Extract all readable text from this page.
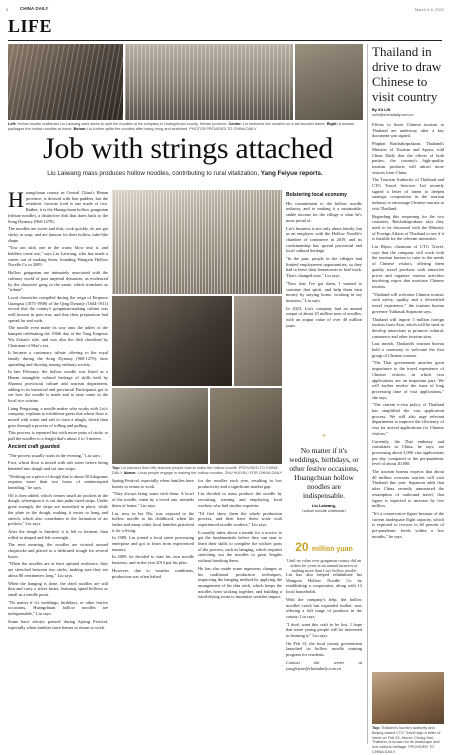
8	CHINA DAILY	March 4-5, 2023
LIFE
Left: Hollow noodle craftsman Liu Laiwang uses sticks to split the noodles at his company in Huangchuan county, Henan province. Center: Liu stretches the noodles on a tall wooden frame. Right: A woman packages the hollow noodles at home. Below: Liu further splits the noodles after being hung and stretched. PHOTOS PROVIDED TO CHINA DAILY
Job with strings attached
Liu Laiwang mass produces hollow noodles, contributing to rural vitalization, Yang Feiyue reports.
H uangchuan county in Central China's Henan province, is dressed with fine paddies, but the residents' favorite food is one made of rice. Rather, it is the Huangchuan hollow gongmian (tribute noodle), a distinctive dish that dates back to the Song Dynasty (960-1279).

The noodles are sweet and thin, cook quickly, do not get sticky in soup, and are famous for their hollow, tube-like shape.

"You can stick one in the water, blow into it, and bubbles come out," says Liu Laiwang, who has made a career out of making them, founding Wangxin Hollow Noodle Co in 2009.

Hollow gongmian are intimately associated with the culinary world of past imperial dynasties, as evidenced by the character gong in the name, which translates as "tribute".

Local chronicles compiled during the reign of Emperor Guangxu (1875-1908) of the Qing Dynasty (1644-1911) record that the county's gongmian-making culture was well known in past eras, and that their preparation had spread far and wide.

The noodle even made its way onto the tables of the banquet celebrating the 100th day of the Tang Empress Wu Zetian's rule, and was also the dish cherished by Chairman of Mao's era.

It became a customary tribute offering to the royal family during the Song Dynasty (960-1279), later spreading and thriving among ordinary society.

In late February, the hollow noodle was listed as a Henan intangible cultural heritage of skills held by Shaanxi provincial culture and tourism department, adding to its historical and provincial Participants got to see how the noodle is made and to taste some in the local rice cuisine.

Liang Pengxiang, a noodle maker who works with Liu's company, explains to exhibition-goers that wheat flour is mixed with water and salt to form a dough, which then goes through a process of rolling and pulling.

This process is repeated but with more pairs of sticks to pull the noodles to a length that's about 2 to 3 meters.

Ancient craft guarded

"The process usually starts in the evening," Liu says.

First, wheat flour is mixed with salt water before being kneaded into dough and cut into strips.

"Working on a piece of dough that is about 50 kilograms requires more than two hours of uninterrupted kneading," he says.

Oil is then added, which creates small air pockets in the dough, whereupon it is cut into palm-sized strips. Under great strength, the strips are smoothed in place, while the plate in the dough, making it easier to hang and stretch, which also contributes to the formation of air pockets," Liu says.

After the dough is finished, it is left to ferment, then rolled in shaped and left overnight.

The next morning, the noodles are twisted around chopsticks and placed in a dedicated trough for several hours.

"When the noodles are at their optimal resilience, they are stretched between two sticks, making sure they are about 80 centimeters long." Liu says.

When the hanging is done, the dried noodles are still thin and carry a silver luster, featuring spiral hollows as small as a needle point.

"No matter if it's weddings, birthdays, or other festive occasions, Huangchuan hollow noodles are indispensable," Liu says.

Some have always praised during Spring Festival, especially when families have homes to return to work.

Top: Liu (second from left) teaches people how to make the hollow noodle. PROVIDED TO CHINA DAILY Above: Local people engage in making the hollow noodles. ZHU HUIXIN / FOR CHINA DAILY

Spring Festival, especially when families have homes to return to work.

"They always bring some with them. A bowl of the noodle, eaten by a loved one, reminds them of home," Liu says.

Liu, now in his 50s, was exposed to the hollow noodle in his childhood, when his father and many other local families practiced it for a living.

In 1989, Liu joined a local street processing enterprise and got to learn from experienced masters.

In 2009, he decided to start his own noodle business, and in the year 2013 put his plan.

However, due to weather conditions, production was often halted

for the noodles each year, resulting in low productivity and a significant market gap.

Liu decided to mass produce the noodle by recruiting, training and employing local workers who had similar expertise.

"I'd first show them the whole production process, and then have them work with experienced noodle workers," Liu says.

It usually takes about a month for a novice to get the fundamentals before they can start to learn their skills to complete the trickier parts of the process, such as hanging, which requires stretching out the noodles to great lengths without breaking them.

He has also made some ingenious changes to his traditional production techniques, improving the hanging method by applying the arrangement of his thin stick, which keeps the noodles from sticking together, and building a wind-drying room to minimize weather impact.

Bolstering local economy

His commitment to the hollow noodle industry, and to making it a sustainable, stable income for the village is what he's most proud of.

Liu's business is not only about family, but as an employer with the Hollow Noodle's chamber of commerce in 2019, and its craftsmanship has spread provincial and local cultural heritage.

"In the past, people in the villages had limited employment opportunities, so they had to leave their hometowns to find work. That's changed now," Liu says.

"Now that I've got them, I wanted to continue that spirit, and help them earn money by staying home, working in my business," Liu says.

In 2023, Liu's company had an annual output of about 10 million tons of noodles, with an output value of over 40 million yuan.

“
No matter if it's weddings, birthdays, or other festive occasions, Huangchuan hollow noodles are indispensable.
Liu Laiwang,
hollow noodle craftsman
20 million yuan
Until no value over gongmian county did an orders for years at an annual turnover of making more than Liu's hollow noodle

Liu has also helped rehabilitate his Wangxin Hollow Noodle Co by establishing a cooperative, along with 13 local households.

With the company's help, the hollow noodles' reach has expanded further, now offering a full range of products in the county, Liu says.

"I don't want this craft to be lost. I hope that more young people will be interested in learning it," Liu says.

On Feb 13, the local county government launched its hollow noodle training program for residents.

Contact the writer at yangfeiyue@chinadaily.com.cn

Thailand in drive to draw Chinese to visit country
By XU LIN
xulin@chinadaily.com.cn

Efforts to boost Chinese tourism to Thailand are underway after a key document was signed.

Phiphat Ratchakitprakarn, Thailand's Minister of Tourism and Sports, told China Daily that the efforts of both parties, the country's high-quality tourism products will attract more visitors from China.

The Tourism Authority of Thailand and CTG Travel Services Ltd recently signed a letter of intent to deepen strategic cooperation in the tourism industry to encourage Chinese tourists to visit Thailand.

Regarding this reopening for the two countries, Ratchakitprakarn says they need to be discussed with the Ministry of Foreign Affairs of Thailand to see if it is feasible for the relevant ministries.

Liu Bijun, chairman of CTG Travel, says that the company will work with the tourism bureau to cater to the needs of Chinese visitors, offering them quality travel products with attractive prices and organize various activities involving expos that motivate Chinese tourists.

"Thailand will welcome Chinese tourists with safety, quality and a diversified travel experience," the tourism bureau governor Yuthasak Supasorn says.

Thailand will import 5 million foreign tourists from Asia, which will be used to develop attractions to promote cultural, commerce and other tourism sites.

Last month, Thailand's tourism bureau held a ceremony to welcome the first group of Chinese tourists.

"The Thai government attaches great importance to the travel experience of Chinese visitors, in which visa applications are an important part. We will further resolve the issue of long processing time of visa applications," she says.

"The current e-visa policy of Thailand has simplified the visa application process. We will also urge relevant departments to improve the efficiency of visa for arrival applications for Chinese visitors."

Currently, the Thai embassy and consulates in China, he says, are processing about 3,000 visa applications per day, compared to the pre-pandemic level of about 20,000.

The tourism bureau expects that about 40 million overseas tourists will visit Thailand this year. Supasorn adds that after China recently announced the resumption of outbound travel, that figure is expected to increase by five million.

"It's a conservative figure because of the current inadequate flight capacity, which is expected to recover to 60 percent of pre-pandemic levels within a few months," he says.

Top: Thailand's tourism authority and Beijing-based CTG Travel sign a letter of intent on Feb 23. Above: Chong Mai, Thailand, is known for its landscape and rich cultural heritage. PROVIDED TO CHINA DAILY
